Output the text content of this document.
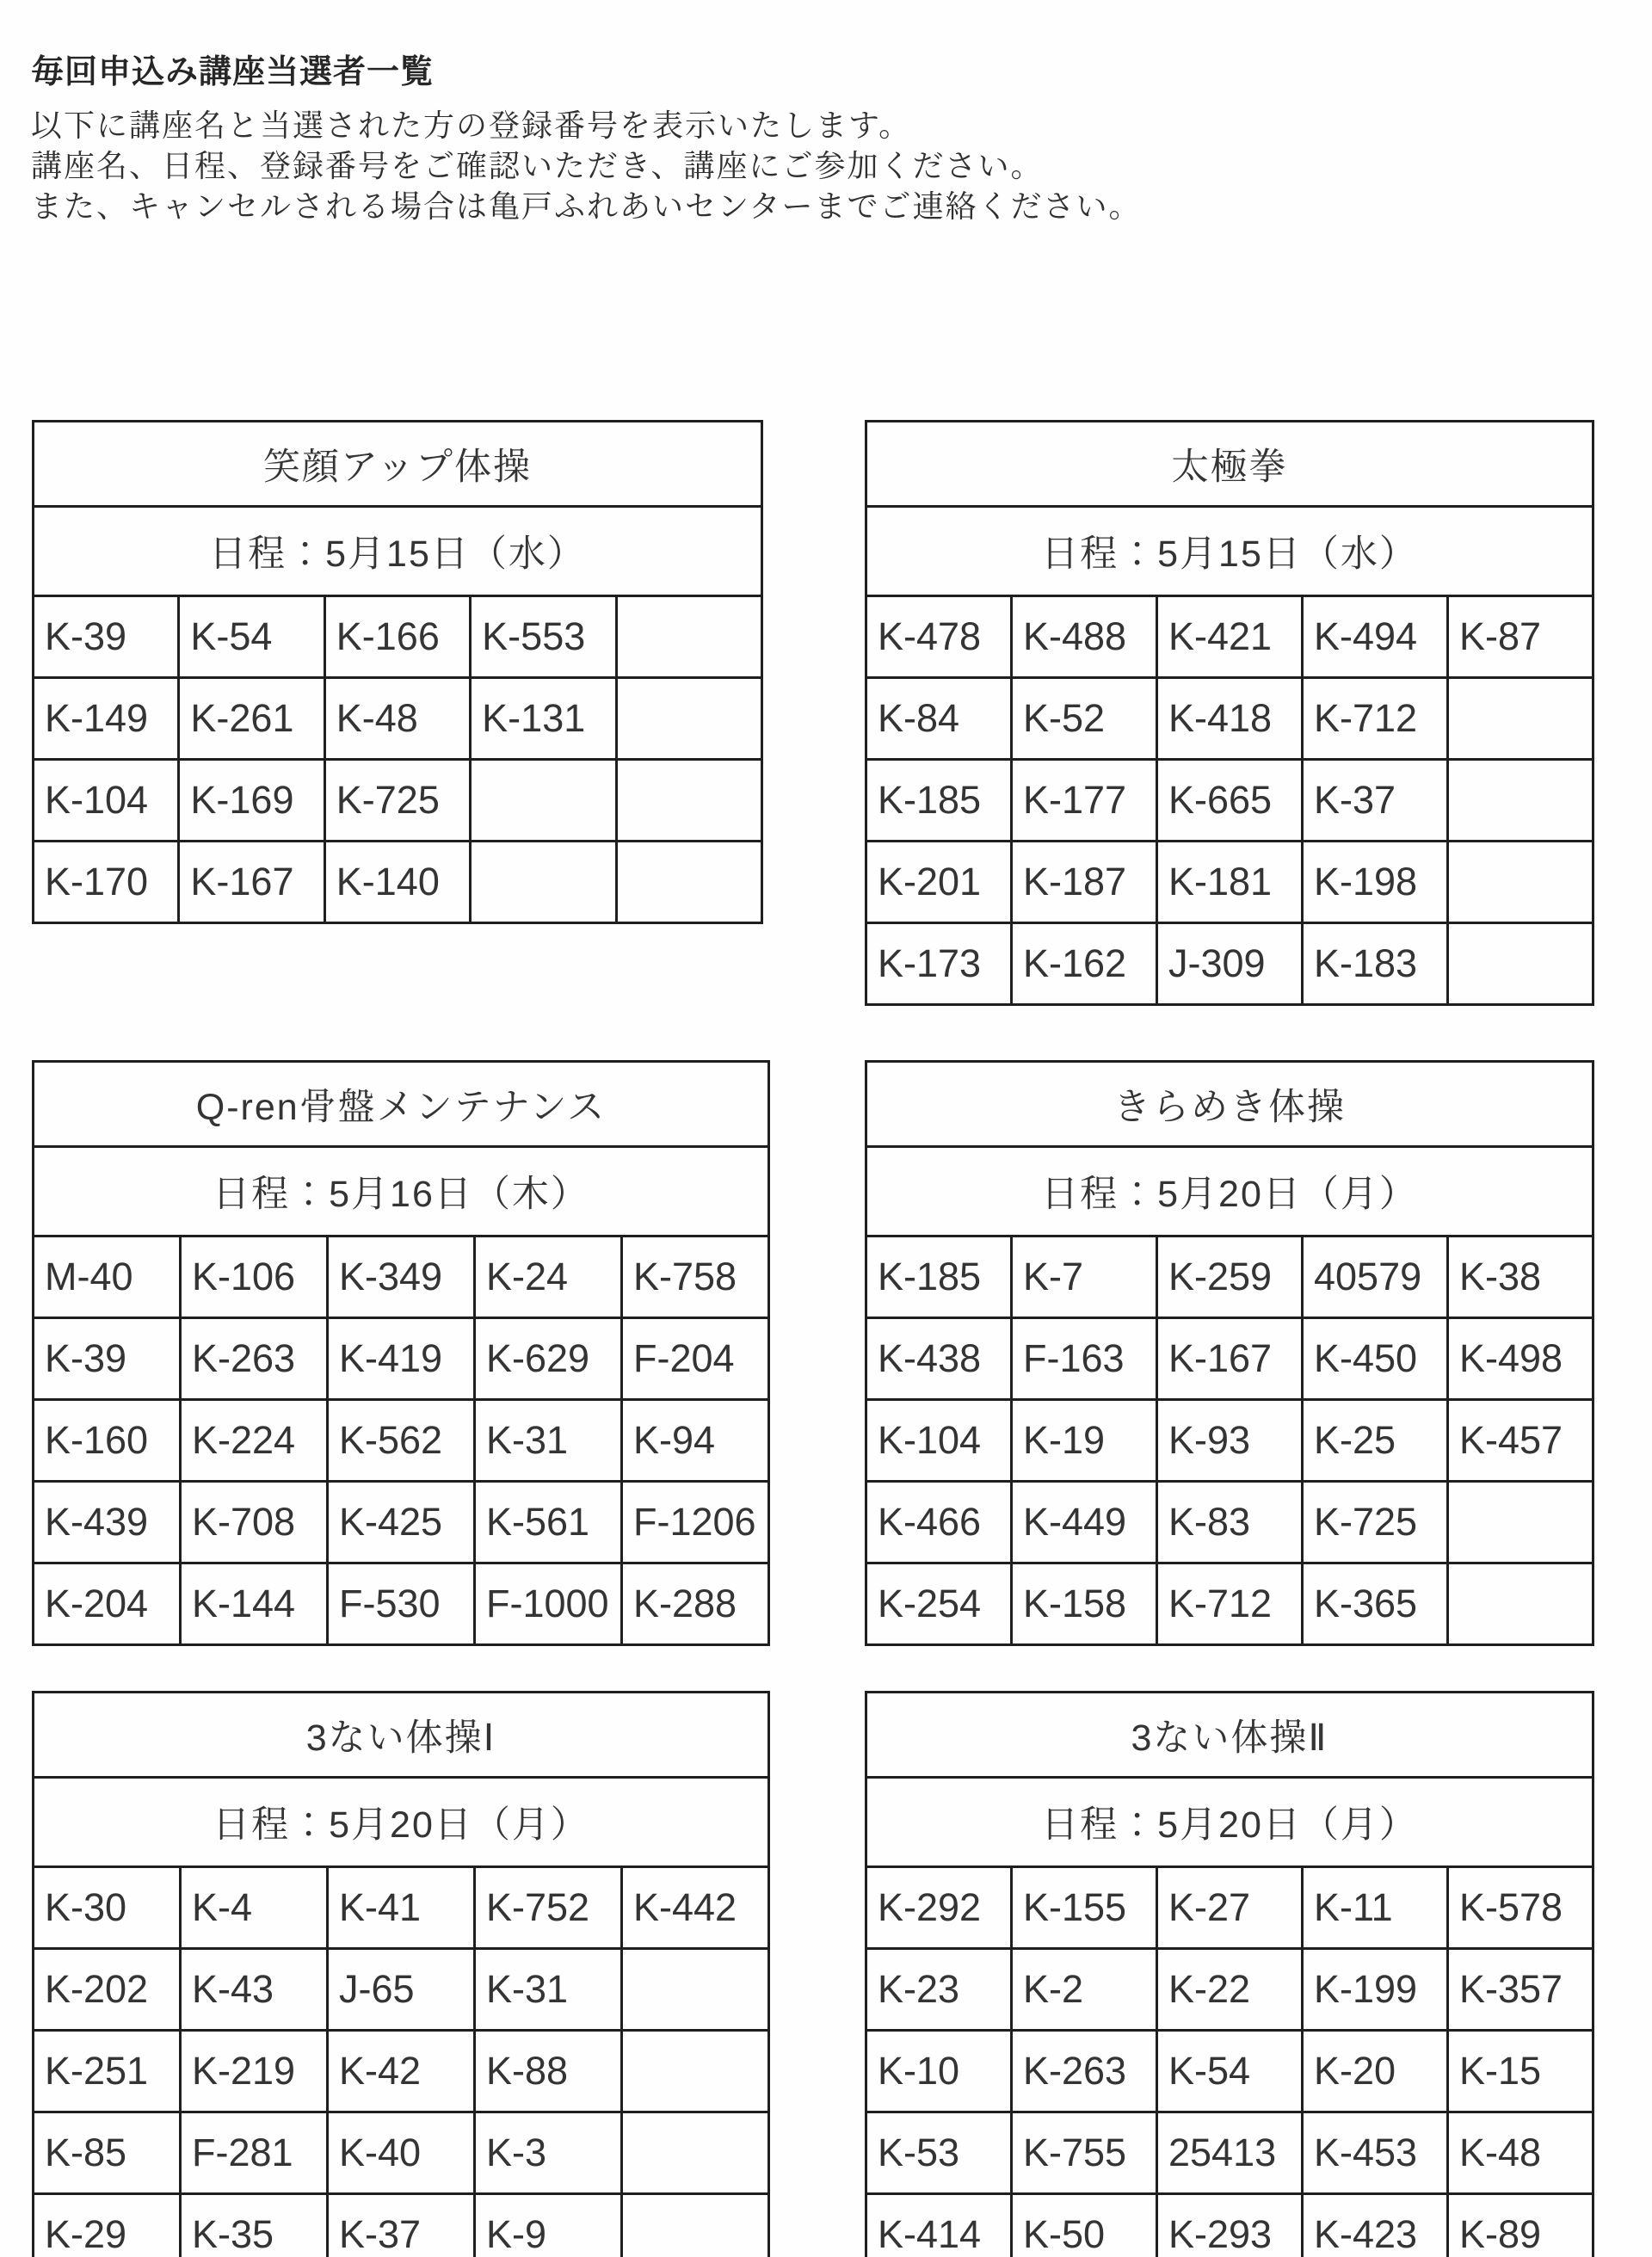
毎回申込み講座当選者一覧

以下に講座名と当選された方の登録番号を表示いたします。

講座名、日程、登録番号をご確認いただき、講座にご参加ください。

また、キャンセルされる場合は亀戸ふれあいセンターまでご連絡ください。

笑顔アップ体操				
日程：5月15日（水）				
K-39	K-54	K-166	K-553	
K-149	K-261	K-48	K-131	
K-104	K-169	K-725		
K-170	K-167	K-140		
太極拳				
日程：5月15日（水）				
K-478	K-488	K-421	K-494	K-87
K-84	K-52	K-418	K-712	
K-185	K-177	K-665	K-37	
K-201	K-187	K-181	K-198	
K-173	K-162	J-309	K-183	
Q-ren骨盤メンテナンス				
日程：5月16日（木）				
M-40	K-106	K-349	K-24	K-758
K-39	K-263	K-419	K-629	F-204
K-160	K-224	K-562	K-31	K-94
K-439	K-708	K-425	K-561	F-1206
K-204	K-144	F-530	F-1000	K-288
きらめき体操				
日程：5月20日（月）				
K-185	K-7	K-259	40579	K-38
K-438	F-163	K-167	K-450	K-498
K-104	K-19	K-93	K-25	K-457
K-466	K-449	K-83	K-725	
K-254	K-158	K-712	K-365	
3ない体操Ⅰ				
日程：5月20日（月）				
K-30	K-4	K-41	K-752	K-442
K-202	K-43	J-65	K-31	
K-251	K-219	K-42	K-88	
K-85	F-281	K-40	K-3	
K-29	K-35	K-37	K-9	
3ない体操Ⅱ				
日程：5月20日（月）				
K-292	K-155	K-27	K-11	K-578
K-23	K-2	K-22	K-199	K-357
K-10	K-263	K-54	K-20	K-15
K-53	K-755	25413	K-453	K-48
K-414	K-50	K-293	K-423	K-89
